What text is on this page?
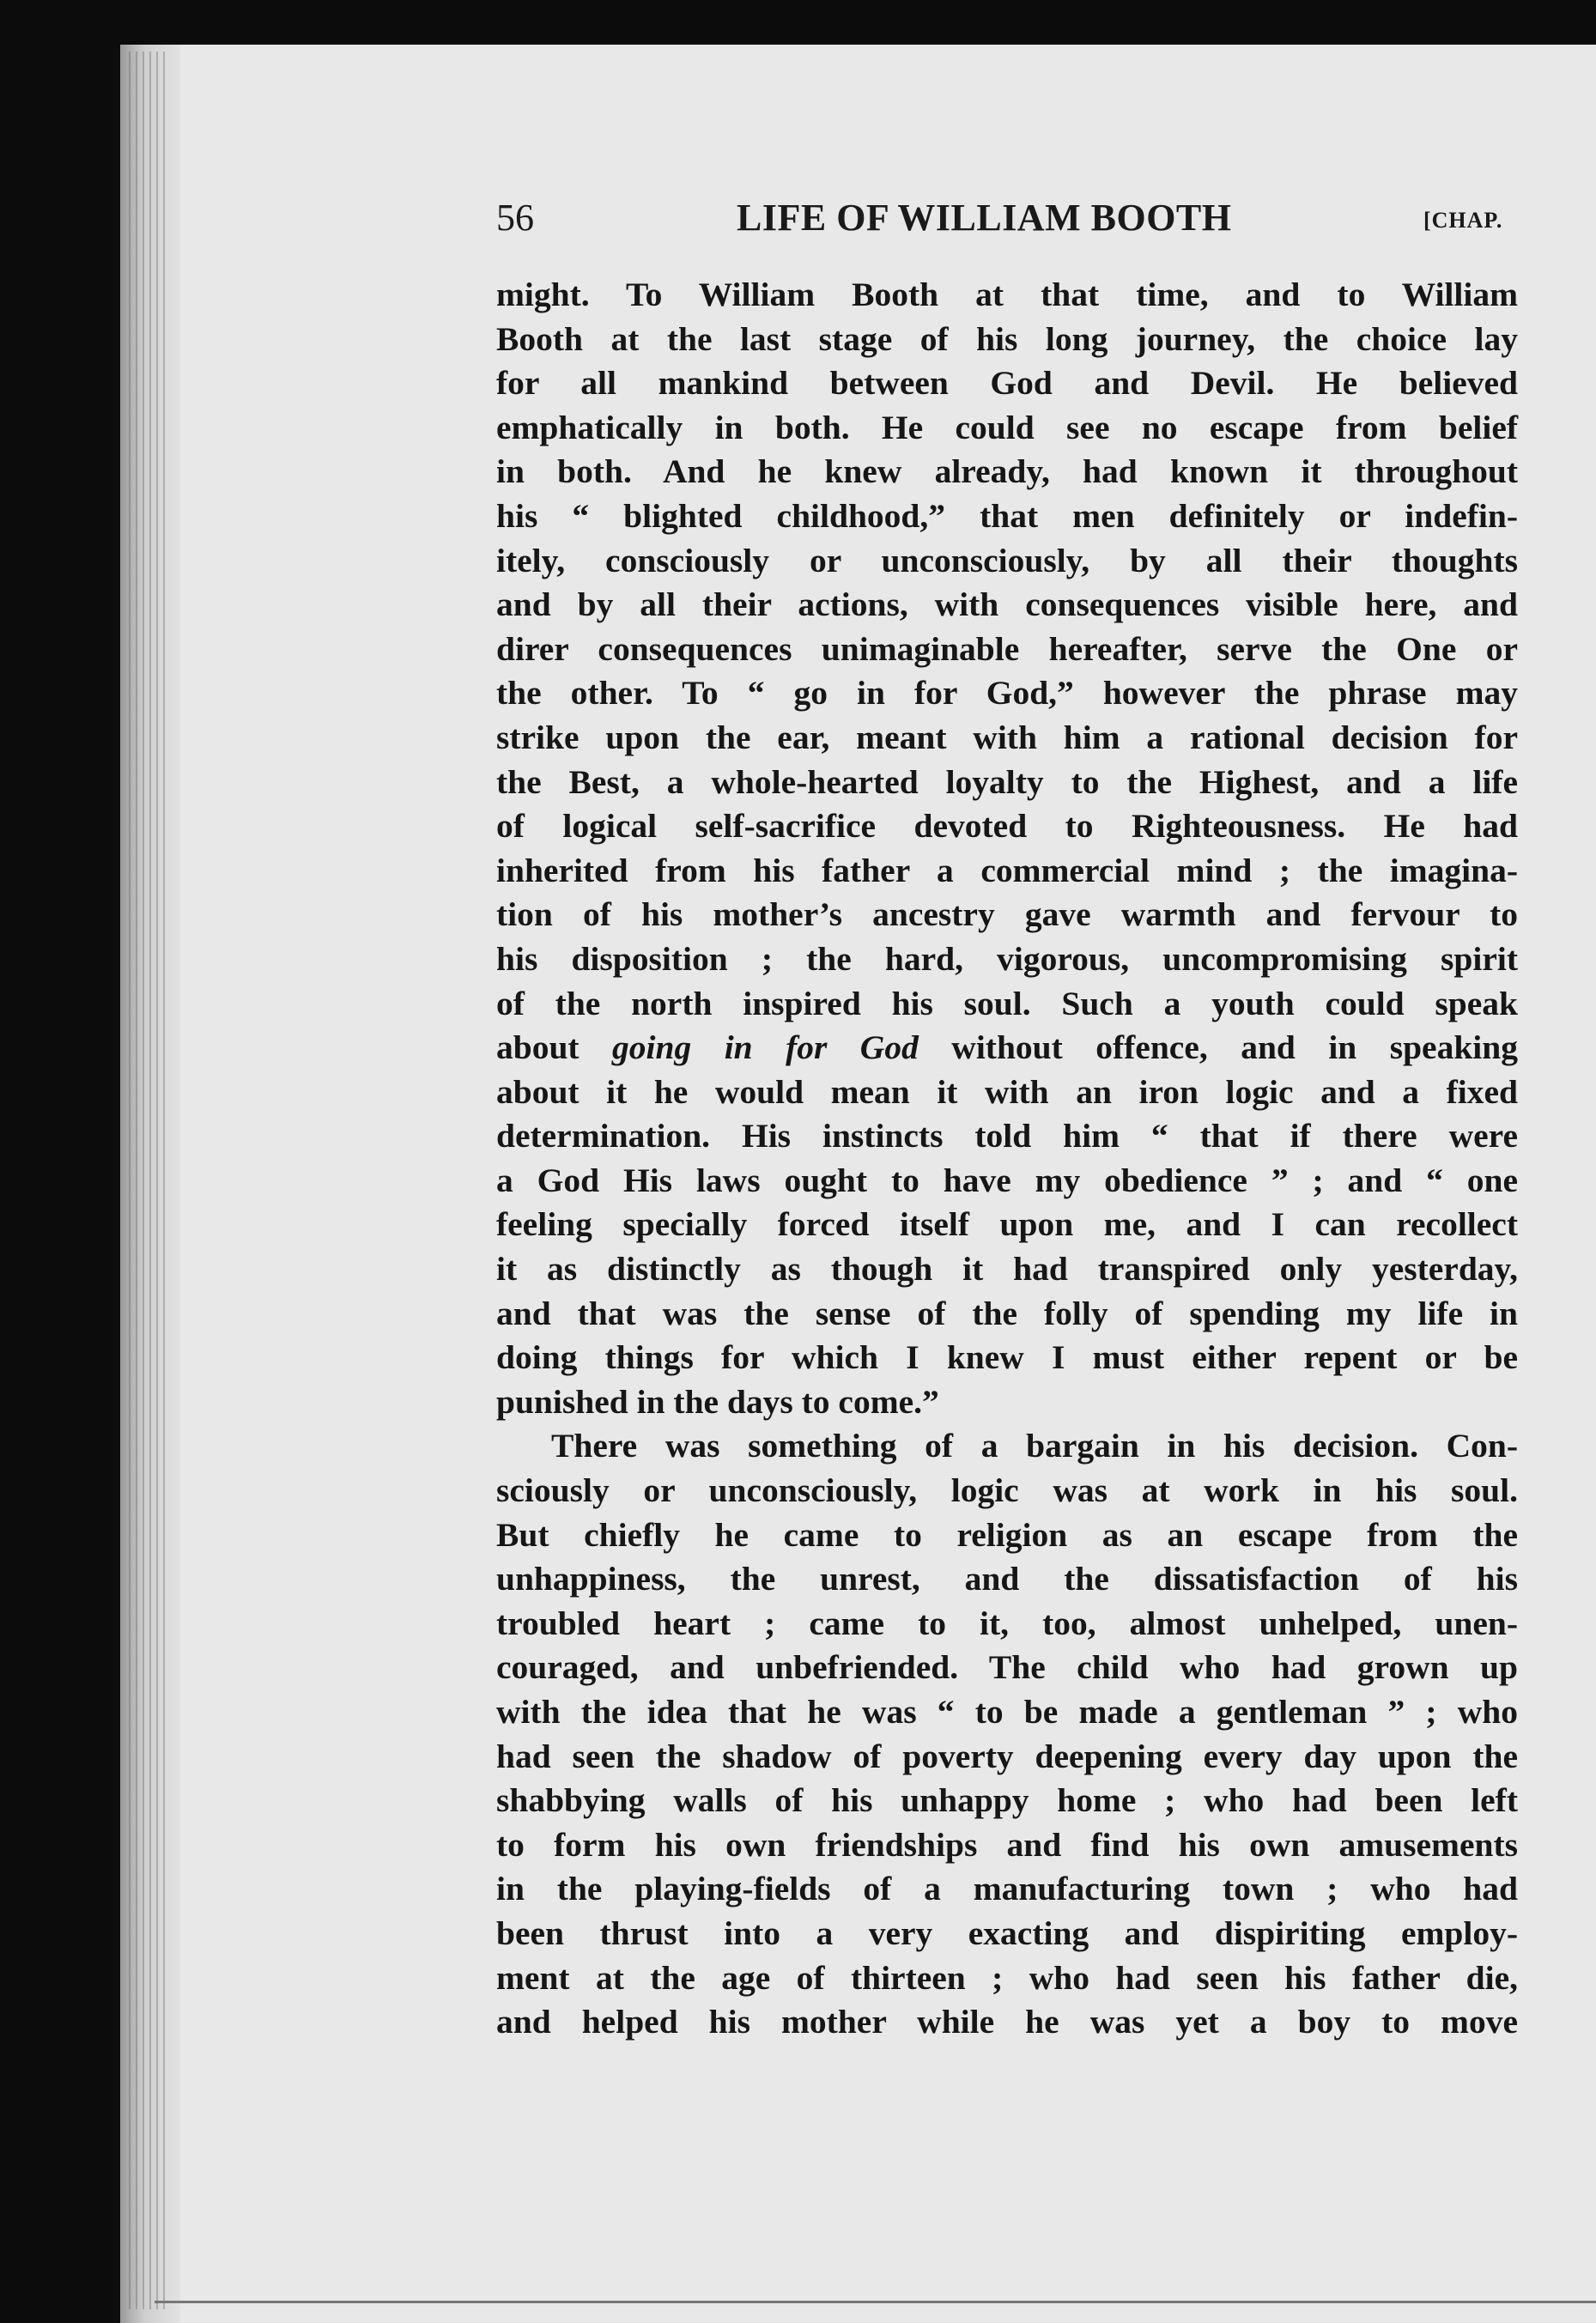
56	LIFE OF WILLIAM BOOTH	[CHAP.
might. To William Booth at that time, and to William
Booth at the last stage of his long journey, the choice lay
for all mankind between God and Devil. He believed
emphatically in both. He could see no escape from belief
in both. And he knew already, had known it throughout
his “ blighted childhood,” that men definitely or indefin-
itely, consciously or unconsciously, by all their thoughts
and by all their actions, with consequences visible here, and
direr consequences unimaginable hereafter, serve the One or
the other. To “ go in for God,” however the phrase may
strike upon the ear, meant with him a rational decision for
the Best, a whole-hearted loyalty to the Highest, and a life
of logical self-sacrifice devoted to Righteousness. He had
inherited from his father a commercial mind ; the imagina-
tion of his mother’s ancestry gave warmth and fervour to
his disposition ; the hard, vigorous, uncompromising spirit
of the north inspired his soul. Such a youth could speak
about going in for God without offence, and in speaking
about it he would mean it with an iron logic and a fixed
determination. His instincts told him “ that if there were
a God His laws ought to have my obedience ” ; and “ one
feeling specially forced itself upon me, and I can recollect
it as distinctly as though it had transpired only yesterday,
and that was the sense of the folly of spending my life in
doing things for which I knew I must either repent or be
punished in the days to come.”
There was something of a bargain in his decision. Con-
sciously or unconsciously, logic was at work in his soul.
But chiefly he came to religion as an escape from the
unhappiness, the unrest, and the dissatisfaction of his
troubled heart ; came to it, too, almost unhelped, unen-
couraged, and unbefriended. The child who had grown up
with the idea that he was “ to be made a gentleman ” ; who
had seen the shadow of poverty deepening every day upon the
shabbying walls of his unhappy home ; who had been left
to form his own friendships and find his own amusements
in the playing-fields of a manufacturing town ; who had
been thrust into a very exacting and dispiriting employ-
ment at the age of thirteen ; who had seen his father die,
and helped his mother while he was yet a boy to move
